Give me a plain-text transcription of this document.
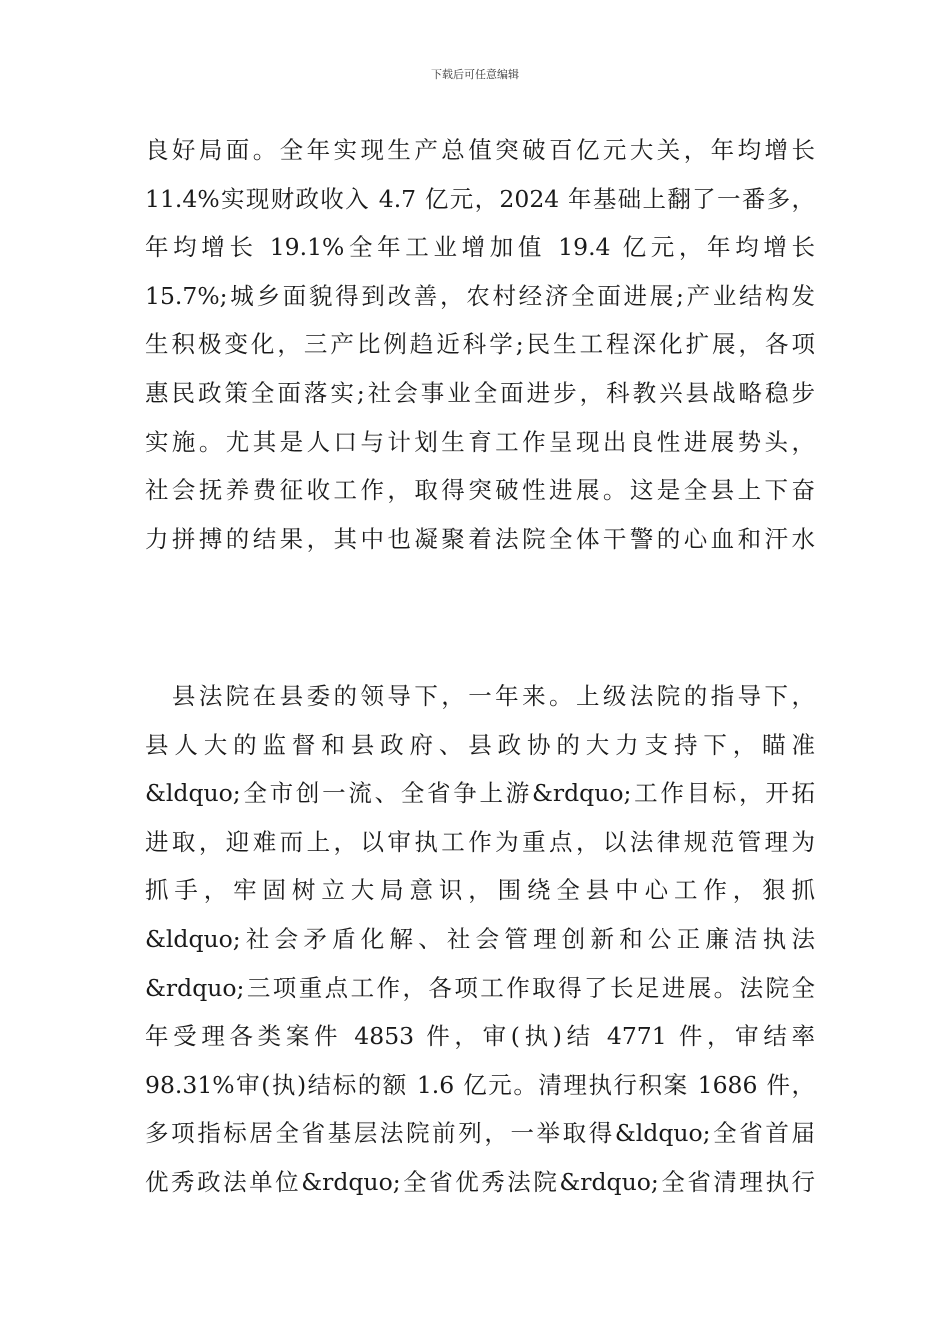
下载后可任意编辑
良好局面。全年实现生产总值突破百亿元大关，年均增长
11.4%实现财政收入 4.7 亿元，2024 年基础上翻了一番多，
年均增长 19.1%全年工业增加值 19.4 亿元，年均增长
15.7%;城乡面貌得到改善，农村经济全面进展;产业结构发
生积极变化，三产比例趋近科学;民生工程深化扩展，各项
惠民政策全面落实;社会事业全面进步，科教兴县战略稳步
实施。尤其是人口与计划生育工作呈现出良性进展势头，
社会抚养费征收工作，取得突破性进展。这是全县上下奋
力拼搏的结果，其中也凝聚着法院全体干警的心血和汗水
　县法院在县委的领导下，一年来。上级法院的指导下，
县人大的监督和县政府、县政协的大力支持下，瞄准
&ldquo;全市创一流、全省争上游&rdquo;工作目标，开拓
进取，迎难而上，以审执工作为重点，以法律规范管理为
抓手，牢固树立大局意识，围绕全县中心工作，狠抓
&ldquo;社会矛盾化解、社会管理创新和公正廉洁执法
&rdquo;三项重点工作，各项工作取得了长足进展。法院全
年受理各类案件 4853 件，审(执)结 4771 件，审结率
98.31%审(执)结标的额 1.6 亿元。清理执行积案 1686 件，
多项指标居全省基层法院前列，一举取得&ldquo;全省首届
优秀政法单位&rdquo;全省优秀法院&rdquo;全省清理执行
